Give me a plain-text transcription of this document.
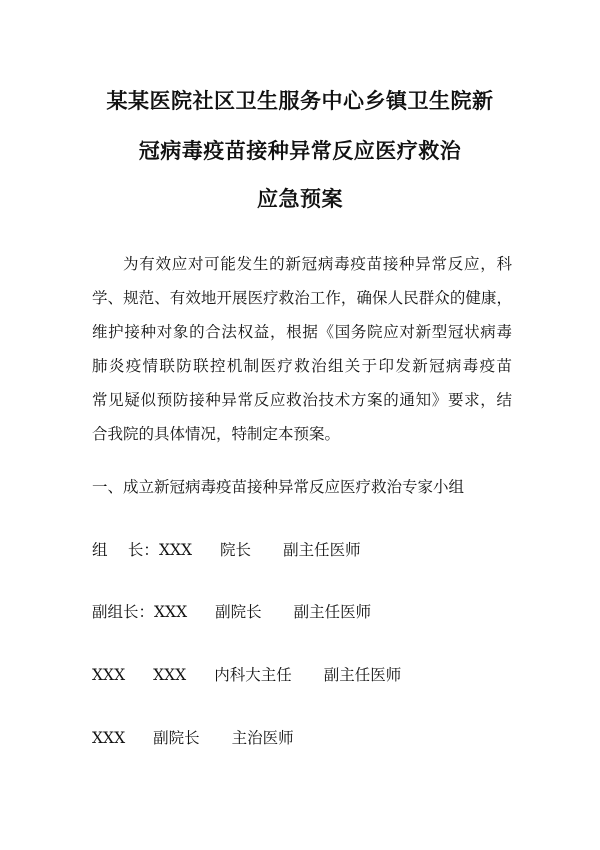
某某医院社区卫生服务中心乡镇卫生院新
冠病毒疫苗接种异常反应医疗救治
应急预案
为有效应对可能发生的新冠病毒疫苗接种异常反应，科
学、规范、有效地开展医疗救治工作，确保人民群众的健康，
维护接种对象的合法权益，根据《国务院应对新型冠状病毒
肺炎疫情联防联控机制医疗救治组关于印发新冠病毒疫苗
常见疑似预防接种异常反应救治技术方案的通知》要求，结
合我院的具体情况，特制定本预案。
一、成立新冠病毒疫苗接种异常反应医疗救治专家小组
组　 长：XXX 院长 副主任医师
副组长：XXX 副院长 副主任医师
XXX XXX 内科大主任 副主任医师
XXX 副院长 主治医师
